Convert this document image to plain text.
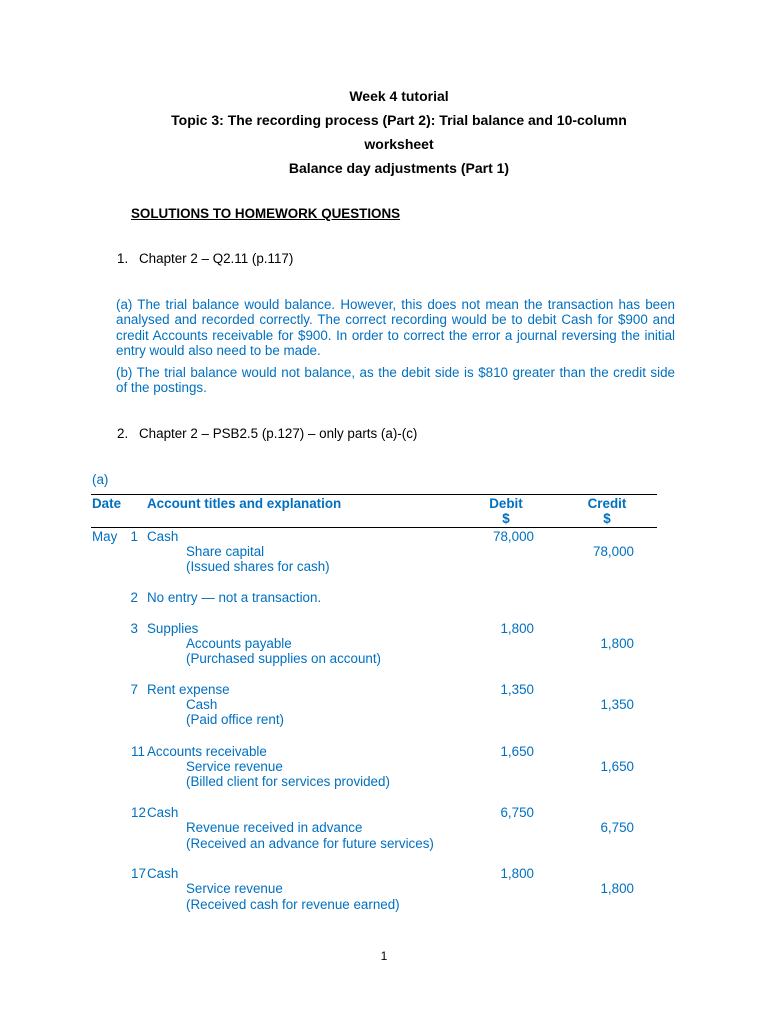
Week 4 tutorial
Topic 3: The recording process (Part 2): Trial balance and 10-column
worksheet
Balance day adjustments (Part 1)
SOLUTIONS TO HOMEWORK QUESTIONS
1. Chapter 2 – Q2.11 (p.117)
(a) The trial balance would balance. However, this does not mean the transaction has been analysed and recorded correctly. The correct recording would be to debit Cash for $900 and credit Accounts receivable for $900. In order to correct the error a journal reversing the initial entry would also need to be made.
(b) The trial balance would not balance, as the debit side is $810 greater than the credit side of the postings.
2. Chapter 2 – PSB2.5 (p.127) – only parts (a)-(c)
(a)
Date Account titles and explanation	Debit
$
Credit
$
May 1 Cash
Share capital
(Issued shares for cash)
78,000
78,000
2 No entry — not a transaction.
3 Supplies
Accounts payable
(Purchased supplies on account)
1,800
1,800
7 Rent expense
Cash
(Paid office rent)
1,350
1,350
11 Accounts receivable
Service revenue
(Billed client for services provided)
1,650
1,650
12 Cash
Revenue received in advance
(Received an advance for future services)
6,750
6,750
17 Cash
Service revenue
(Received cash for revenue earned)
1,800
1,800
1
